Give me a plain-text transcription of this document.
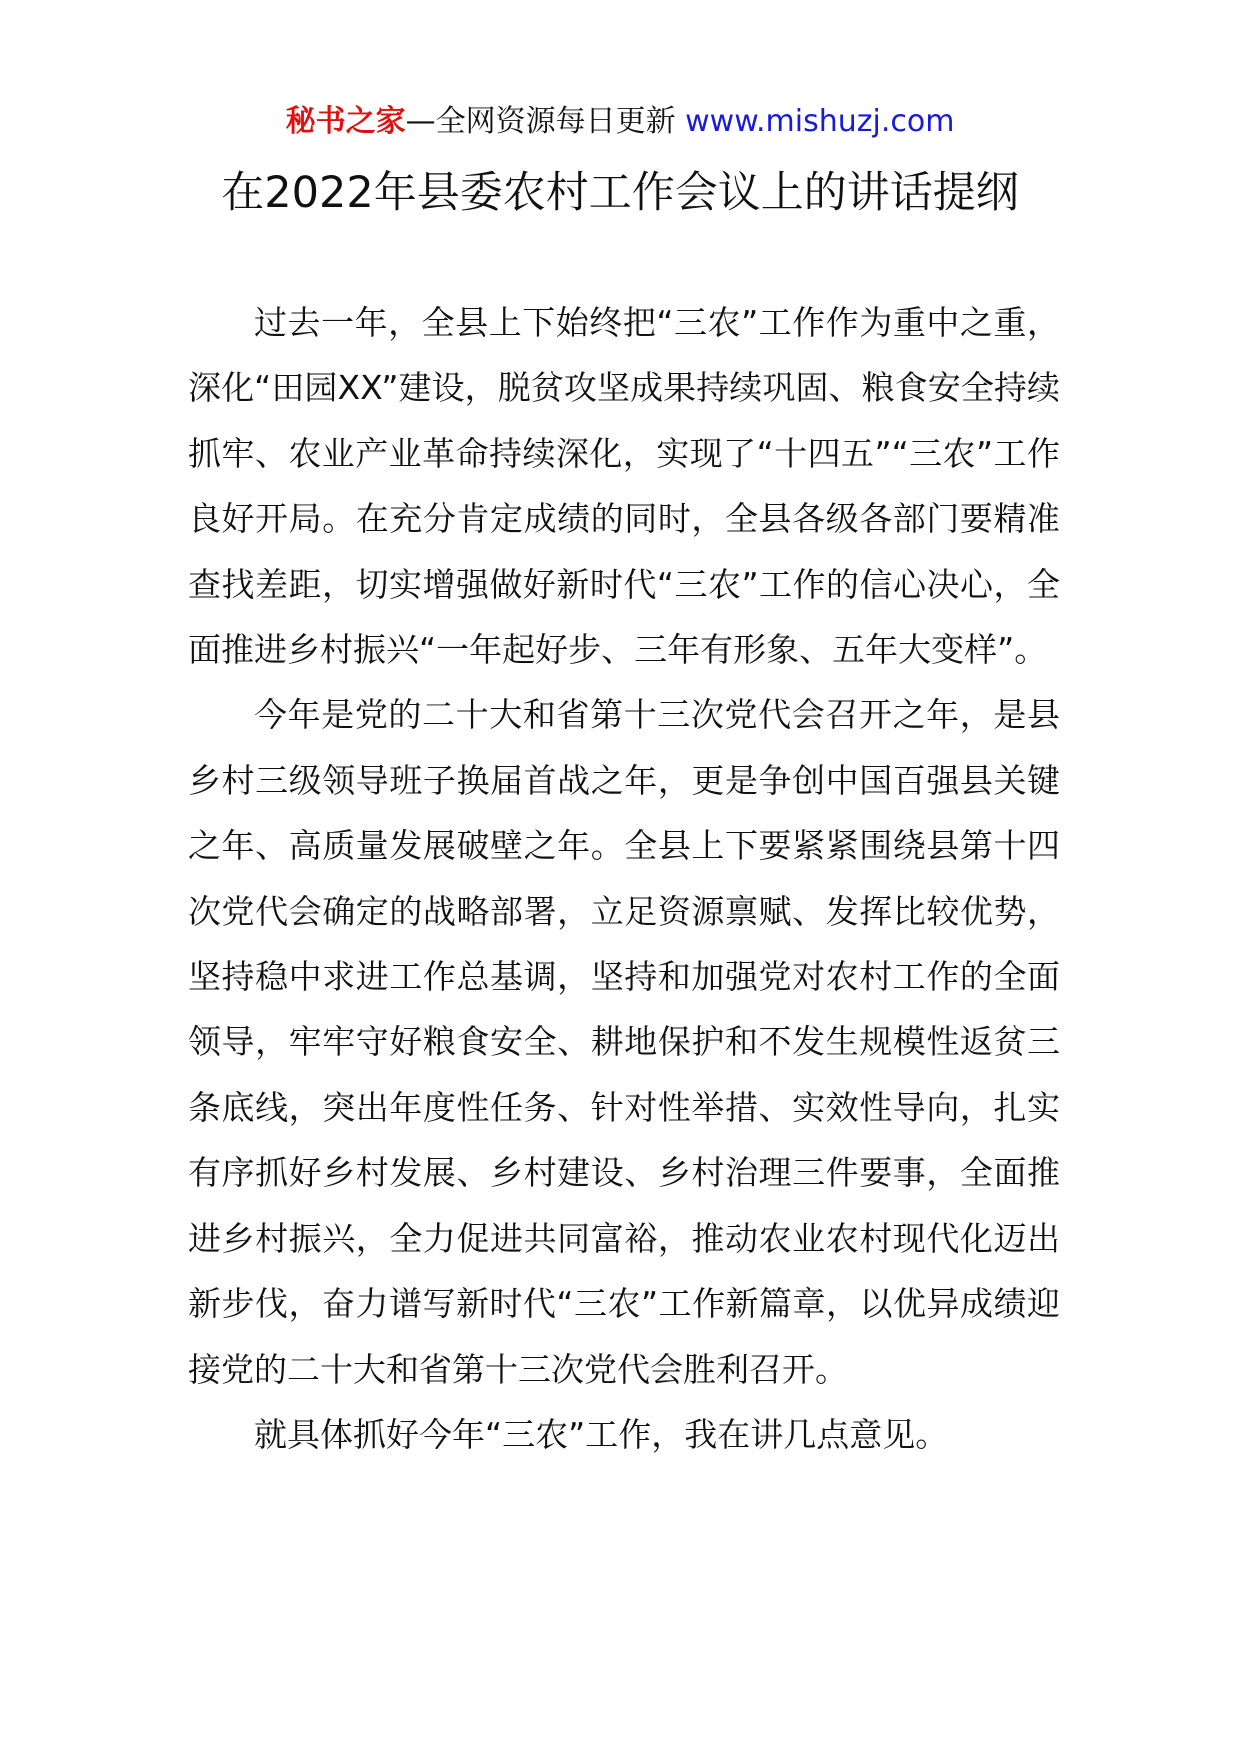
秘书之家—全网资源每日更新 www.mishuzj.com
在2022年县委农村工作会议上的讲话提纲

过去一年，全县上下始终把“三农”工作作为重中之重，深化“田园XX”建设，脱贫攻坚成果持续巩固、粮食安全持续抓牢、农业产业革命持续深化，实现了“十四五”“三农”工作良好开局。在充分肯定成绩的同时，全县各级各部门要精准查找差距，切实增强做好新时代“三农”工作的信心决心，全面推进乡村振兴“一年起好步、三年有形象、五年大变样”。

今年是党的二十大和省第十三次党代会召开之年，是县乡村三级领导班子换届首战之年，更是争创中国百强县关键之年、高质量发展破壁之年。全县上下要紧紧围绕县第十四次党代会确定的战略部署，立足资源禀赋、发挥比较优势，坚持稳中求进工作总基调，坚持和加强党对农村工作的全面领导，牢牢守好粮食安全、耕地保护和不发生规模性返贫三条底线，突出年度性任务、针对性举措、实效性导向，扎实有序抓好乡村发展、乡村建设、乡村治理三件要事，全面推进乡村振兴，全力促进共同富裕，推动农业农村现代化迈出新步伐，奋力谱写新时代“三农”工作新篇章，以优异成绩迎接党的二十大和省第十三次党代会胜利召开。

就具体抓好今年“三农”工作，我在讲几点意见。
